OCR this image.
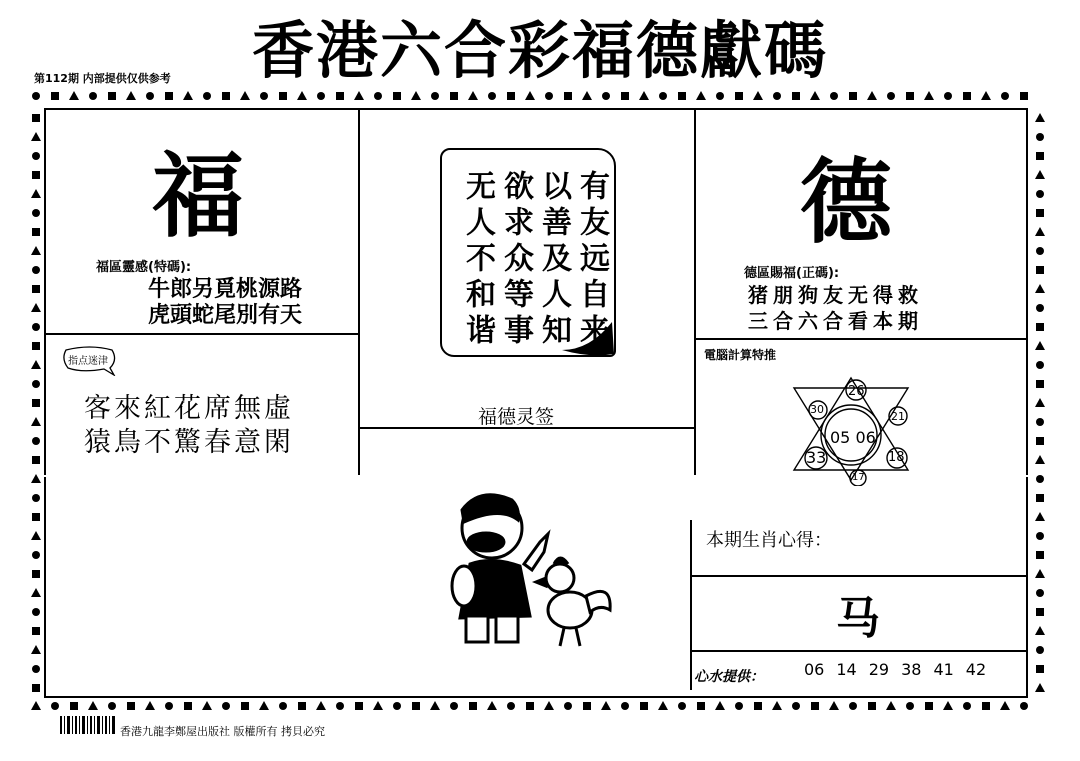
第112期 内部提供仅供参考	香港六合彩福德獻碼
福
福區靈感(特碼):
牛郎另覓桃源路
虎頭蛇尾別有天
指点迷津
客來紅花席無虛
猿鳥不驚春意閑
有友远自来
以善及人知
欲求众等事
无人不和谐
福德灵签
德
德區賜福(正碼):
猪朋狗友无得救
三合六合看本期
電腦計算特推
26
21
18
17
33
30
05 06
本期生肖心得：
马
心水提供：	06 14 29 38 41 42
香港九龍李鄭屋出版社 版權所有 拷貝必究
